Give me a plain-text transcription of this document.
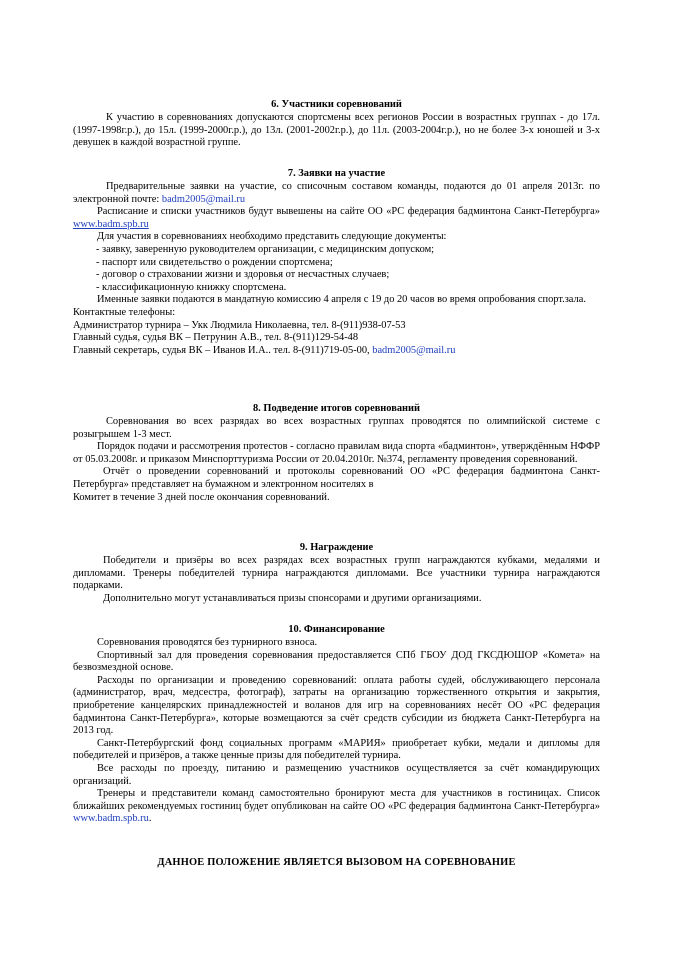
6. Участники соревнований

К участию в соревнованиях допускаются спортсмены всех регионов России в возрастных группах - до 17л. (1997-1998г.р.), до 15л. (1999-2000г.р.), до 13л. (2001-2002г.р.), до 11л. (2003-2004г.р.), но не более 3-х юношей и 3-х девушек в каждой возрастной группе.

7. Заявки на участие

Предварительные заявки на участие, со списочным составом команды, подаются до 01 апреля 2013г. по электронной почте: badm2005@mail.ru

Расписание и списки участников будут вывешены на сайте ОО «РС федерация бадминтона Санкт-Петербурга» www.badm.spb.ru

Для участия в соревнованиях необходимо представить следующие документы:

- заявку, заверенную руководителем организации, с медицинским допуском;

- паспорт или свидетельство о рождении спортсмена;

- договор о страховании жизни и здоровья от несчастных случаев;

- классификационную книжку спортсмена.

Именные заявки подаются в мандатную комиссию 4 апреля с 19 до 20 часов во время опробования спорт.зала.

Контактные телефоны:

Администратор турнира – Укк Людмила Николаевна, тел. 8-(911)938-07-53

Главный судья, судья ВК – Петрунин А.В., тел. 8-(911)129-54-48

Главный секретарь, судья ВК – Иванов И.А.. тел. 8-(911)719-05-00, badm2005@mail.ru

8. Подведение итогов соревнований

Соревнования во всех разрядах во всех возрастных группах проводятся по олимпийской системе с розыгрышем 1-3 мест.

Порядок подачи и рассмотрения протестов - согласно правилам вида спорта «бадминтон», утверждённым НФФР от 05.03.2008г. и приказом Минспорттуризма России от 20.04.2010г. №374, регламенту проведения соревнований.

Отчёт о проведении соревнований и протоколы соревнований ОО «РС федерация бадминтона Санкт-Петербурга» представляет на бумажном и электронном носителях в

Комитет в течение 3 дней после окончания соревнований.

9. Награждение

Победители и призёры во всех разрядах всех возрастных групп награждаются кубками, медалями и дипломами. Тренеры победителей турнира награждаются дипломами. Все участники турнира награждаются подарками.

Дополнительно могут устанавливаться призы спонсорами и другими организациями.

10. Финансирование

Соревнования проводятся без турнирного взноса.

Спортивный зал для проведения соревнования предоставляется СПб ГБОУ ДОД ГКСДЮШОР «Комета» на безвозмездной основе.

Расходы по организации и проведению соревнований: оплата работы судей, обслуживающего персонала (администратор, врач, медсестра, фотограф), затраты на организацию торжественного открытия и закрытия, приобретение канцелярских принадлежностей и воланов для игр на соревнованиях несёт ОО «РС федерация бадминтона Санкт-Петербурга», которые возмещаются за счёт средств субсидии из бюджета Санкт-Петербурга на 2013 год.

Санкт-Петербургский фонд социальных программ «МАРИЯ» приобретает кубки, медали и дипломы для победителей и призёров, а также ценные призы для победителей турнира.

Все расходы по проезду, питанию и размещению участников осуществляется за счёт командирующих организаций.

Тренеры и представители команд самостоятельно бронируют места для участников в гостиницах. Список ближайших рекомендуемых гостиниц будет опубликован на сайте ОО «РС федерация бадминтона Санкт-Петербурга» www.badm.spb.ru.

ДАННОЕ ПОЛОЖЕНИЕ ЯВЛЯЕТСЯ ВЫЗОВОМ НА СОРЕВНОВАНИЕ
